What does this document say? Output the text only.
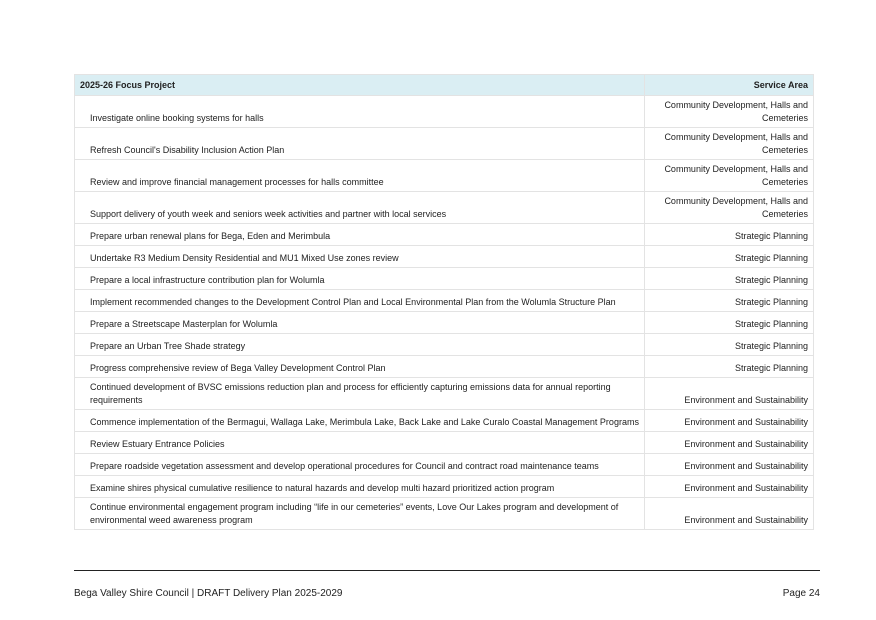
2025-26 Focus Project	Service Area
Investigate online booking systems for halls	Community Development, Halls and Cemeteries
Refresh Council's Disability Inclusion Action Plan	Community Development, Halls and Cemeteries
Review and improve financial management processes for halls committee	Community Development, Halls and Cemeteries
Support delivery of youth week and seniors week activities and partner with local services	Community Development, Halls and Cemeteries
Prepare urban renewal plans for Bega, Eden and Merimbula	Strategic Planning
Undertake R3 Medium Density Residential and MU1 Mixed Use zones review	Strategic Planning
Prepare a local infrastructure contribution plan for Wolumla	Strategic Planning
Implement recommended changes to the Development Control Plan and Local Environmental Plan from the Wolumla Structure Plan	Strategic Planning
Prepare a Streetscape Masterplan for Wolumla	Strategic Planning
Prepare an Urban Tree Shade strategy	Strategic Planning
Progress comprehensive review of Bega Valley Development Control Plan	Strategic Planning
Continued development of BVSC emissions reduction plan and process for efficiently capturing emissions data for annual reporting requirements	Environment and Sustainability
Commence implementation of the Bermagui, Wallaga Lake, Merimbula Lake, Back Lake and Lake Curalo Coastal Management Programs	Environment and Sustainability
Review Estuary Entrance Policies	Environment and Sustainability
Prepare roadside vegetation assessment and develop operational procedures for Council and contract road maintenance teams	Environment and Sustainability
Examine shires physical cumulative resilience to natural hazards and develop multi hazard prioritized action program	Environment and Sustainability
Continue environmental engagement program including “life in our cemeteries” events, Love Our Lakes program and development of environmental weed awareness program	Environment and Sustainability
Bega Valley Shire Council | DRAFT Delivery Plan 2025-2029	Page 24
